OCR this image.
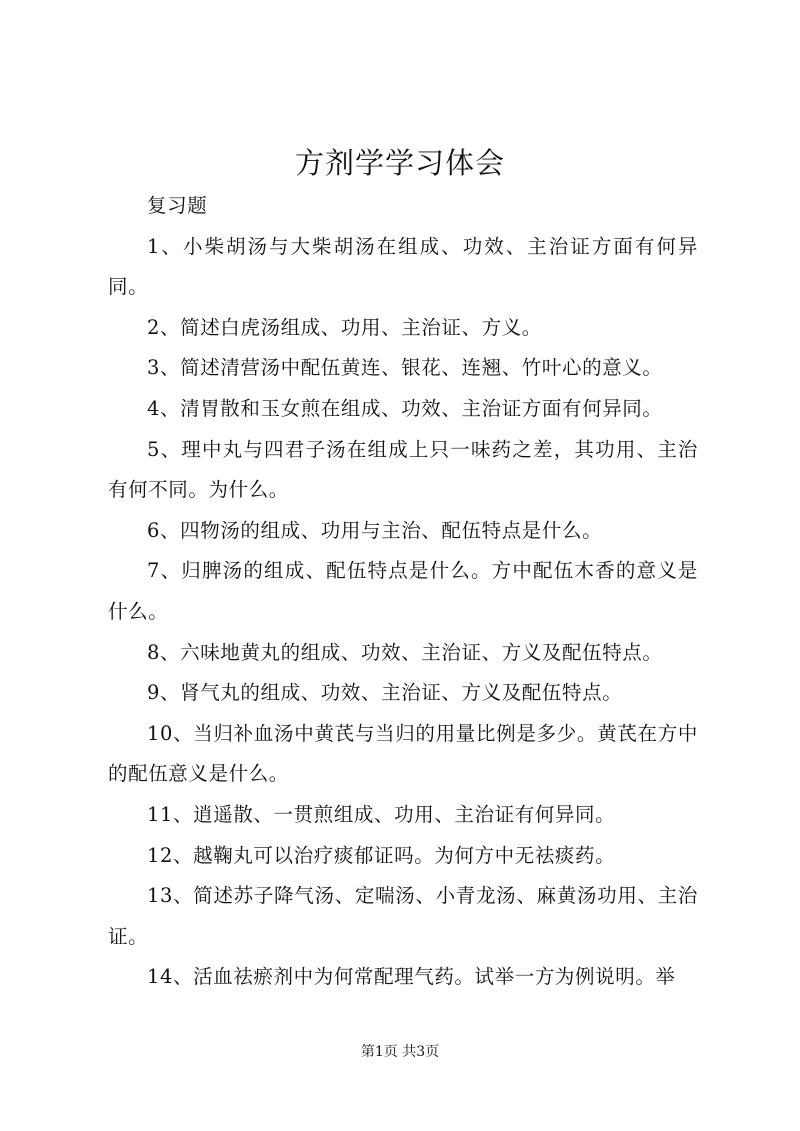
方剂学学习体会

复习题

1、小柴胡汤与大柴胡汤在组成、功效、主治证方面有何异同。

2、简述白虎汤组成、功用、主治证、方义。

3、简述清营汤中配伍黄连、银花、连翘、竹叶心的意义。

4、清胃散和玉女煎在组成、功效、主治证方面有何异同。

5、理中丸与四君子汤在组成上只一味药之差，其功用、主治有何不同。为什么。

6、四物汤的组成、功用与主治、配伍特点是什么。

7、归脾汤的组成、配伍特点是什么。方中配伍木香的意义是什么。

8、六味地黄丸的组成、功效、主治证、方义及配伍特点。

9、肾气丸的组成、功效、主治证、方义及配伍特点。

10、当归补血汤中黄芪与当归的用量比例是多少。黄芪在方中的配伍意义是什么。

11、逍遥散、一贯煎组成、功用、主治证有何异同。

12、越鞠丸可以治疗痰郁证吗。为何方中无祛痰药。

13、简述苏子降气汤、定喘汤、小青龙汤、麻黄汤功用、主治证。

14、活血祛瘀剂中为何常配理气药。试举一方为例说明。举

第1页 共3页
